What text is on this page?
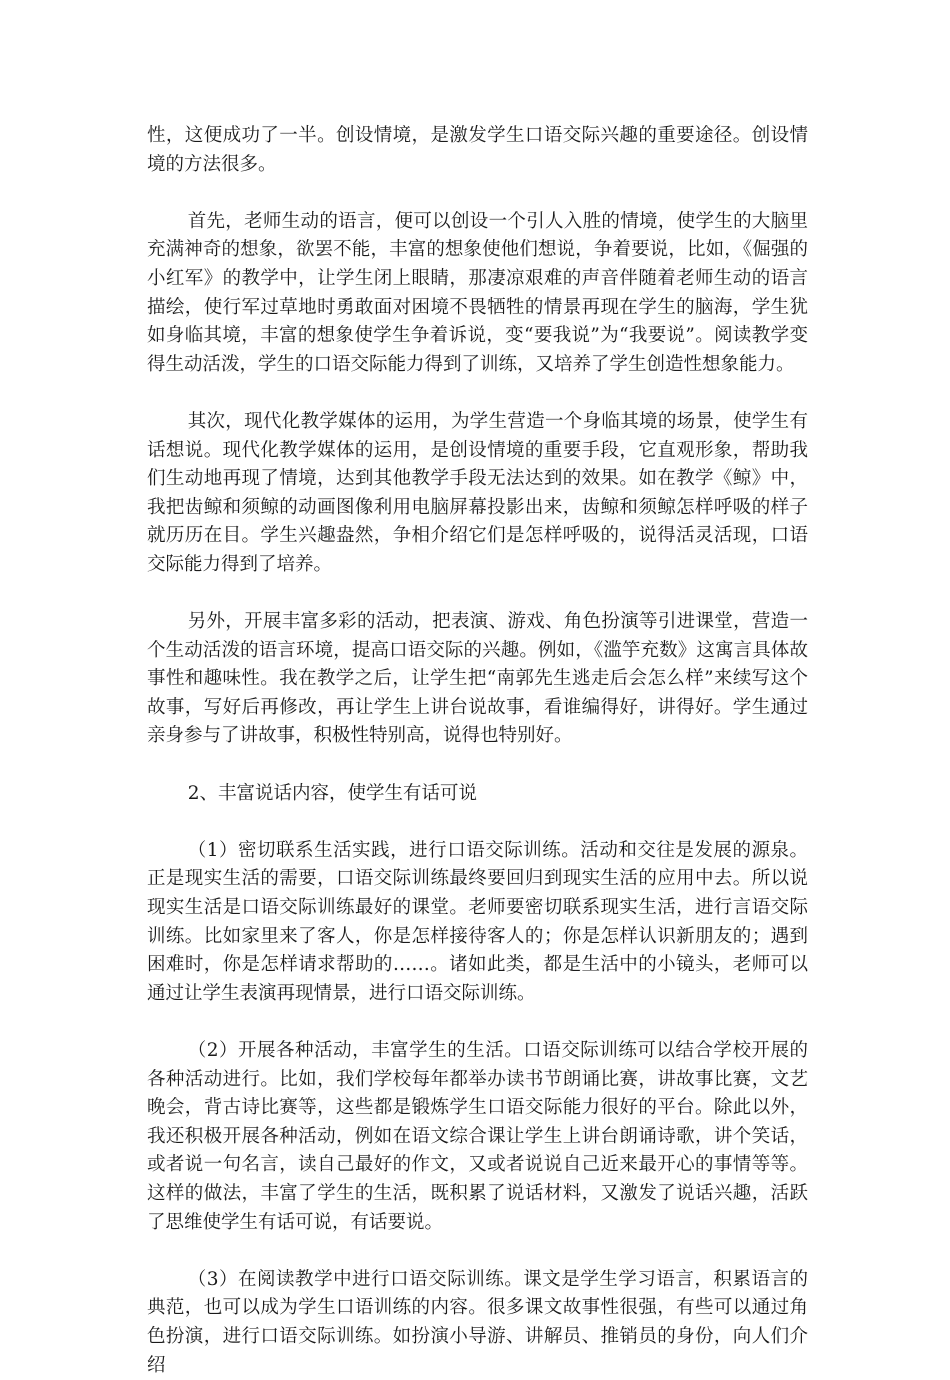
性，这便成功了一半。创设情境，是激发学生口语交际兴趣的重要途径。创设情境的方法很多。

首先，老师生动的语言，便可以创设一个引人入胜的情境，使学生的大脑里充满神奇的想象，欲罢不能，丰富的想象使他们想说，争着要说，比如，《倔强的小红军》的教学中，让学生闭上眼睛，那凄凉艰难的声音伴随着老师生动的语言描绘，使行军过草地时勇敢面对困境不畏牺牲的情景再现在学生的脑海，学生犹如身临其境，丰富的想象使学生争着诉说，变“要我说”为“我要说”。阅读教学变得生动活泼，学生的口语交际能力得到了训练，又培养了学生创造性想象能力。

其次，现代化教学媒体的运用，为学生营造一个身临其境的场景，使学生有话想说。现代化教学媒体的运用，是创设情境的重要手段，它直观形象，帮助我们生动地再现了情境，达到其他教学手段无法达到的效果。如在教学《鲸》中，我把齿鲸和须鲸的动画图像利用电脑屏幕投影出来，齿鲸和须鲸怎样呼吸的样子就历历在目。学生兴趣盎然，争相介绍它们是怎样呼吸的，说得活灵活现，口语交际能力得到了培养。

另外，开展丰富多彩的活动，把表演、游戏、角色扮演等引进课堂，营造一个生动活泼的语言环境，提高口语交际的兴趣。例如，《滥竽充数》这寓言具体故事性和趣味性。我在教学之后，让学生把“南郭先生逃走后会怎么样”来续写这个故事，写好后再修改，再让学生上讲台说故事，看谁编得好，讲得好。学生通过亲身参与了讲故事，积极性特别高，说得也特别好。

2、丰富说话内容，使学生有话可说

（1）密切联系生活实践，进行口语交际训练。活动和交往是发展的源泉。正是现实生活的需要，口语交际训练最终要回归到现实生活的应用中去。所以说现实生活是口语交际训练最好的课堂。老师要密切联系现实生活，进行言语交际训练。比如家里来了客人，你是怎样接待客人的；你是怎样认识新朋友的；遇到困难时，你是怎样请求帮助的……。诸如此类，都是生活中的小镜头，老师可以通过让学生表演再现情景，进行口语交际训练。

（2）开展各种活动，丰富学生的生活。口语交际训练可以结合学校开展的各种活动进行。比如，我们学校每年都举办读书节朗诵比赛，讲故事比赛，文艺晚会，背古诗比赛等，这些都是锻炼学生口语交际能力很好的平台。除此以外，我还积极开展各种活动，例如在语文综合课让学生上讲台朗诵诗歌，讲个笑话，或者说一句名言，读自己最好的作文，又或者说说自己近来最开心的事情等等。这样的做法，丰富了学生的生活，既积累了说话材料，又激发了说话兴趣，活跃了思维使学生有话可说，有话要说。

（3）在阅读教学中进行口语交际训练。课文是学生学习语言，积累语言的典范，也可以成为学生口语训练的内容。很多课文故事性很强，有些可以通过角色扮演，进行口语交际训练。如扮演小导游、讲解员、推销员的身份，向人们介绍
